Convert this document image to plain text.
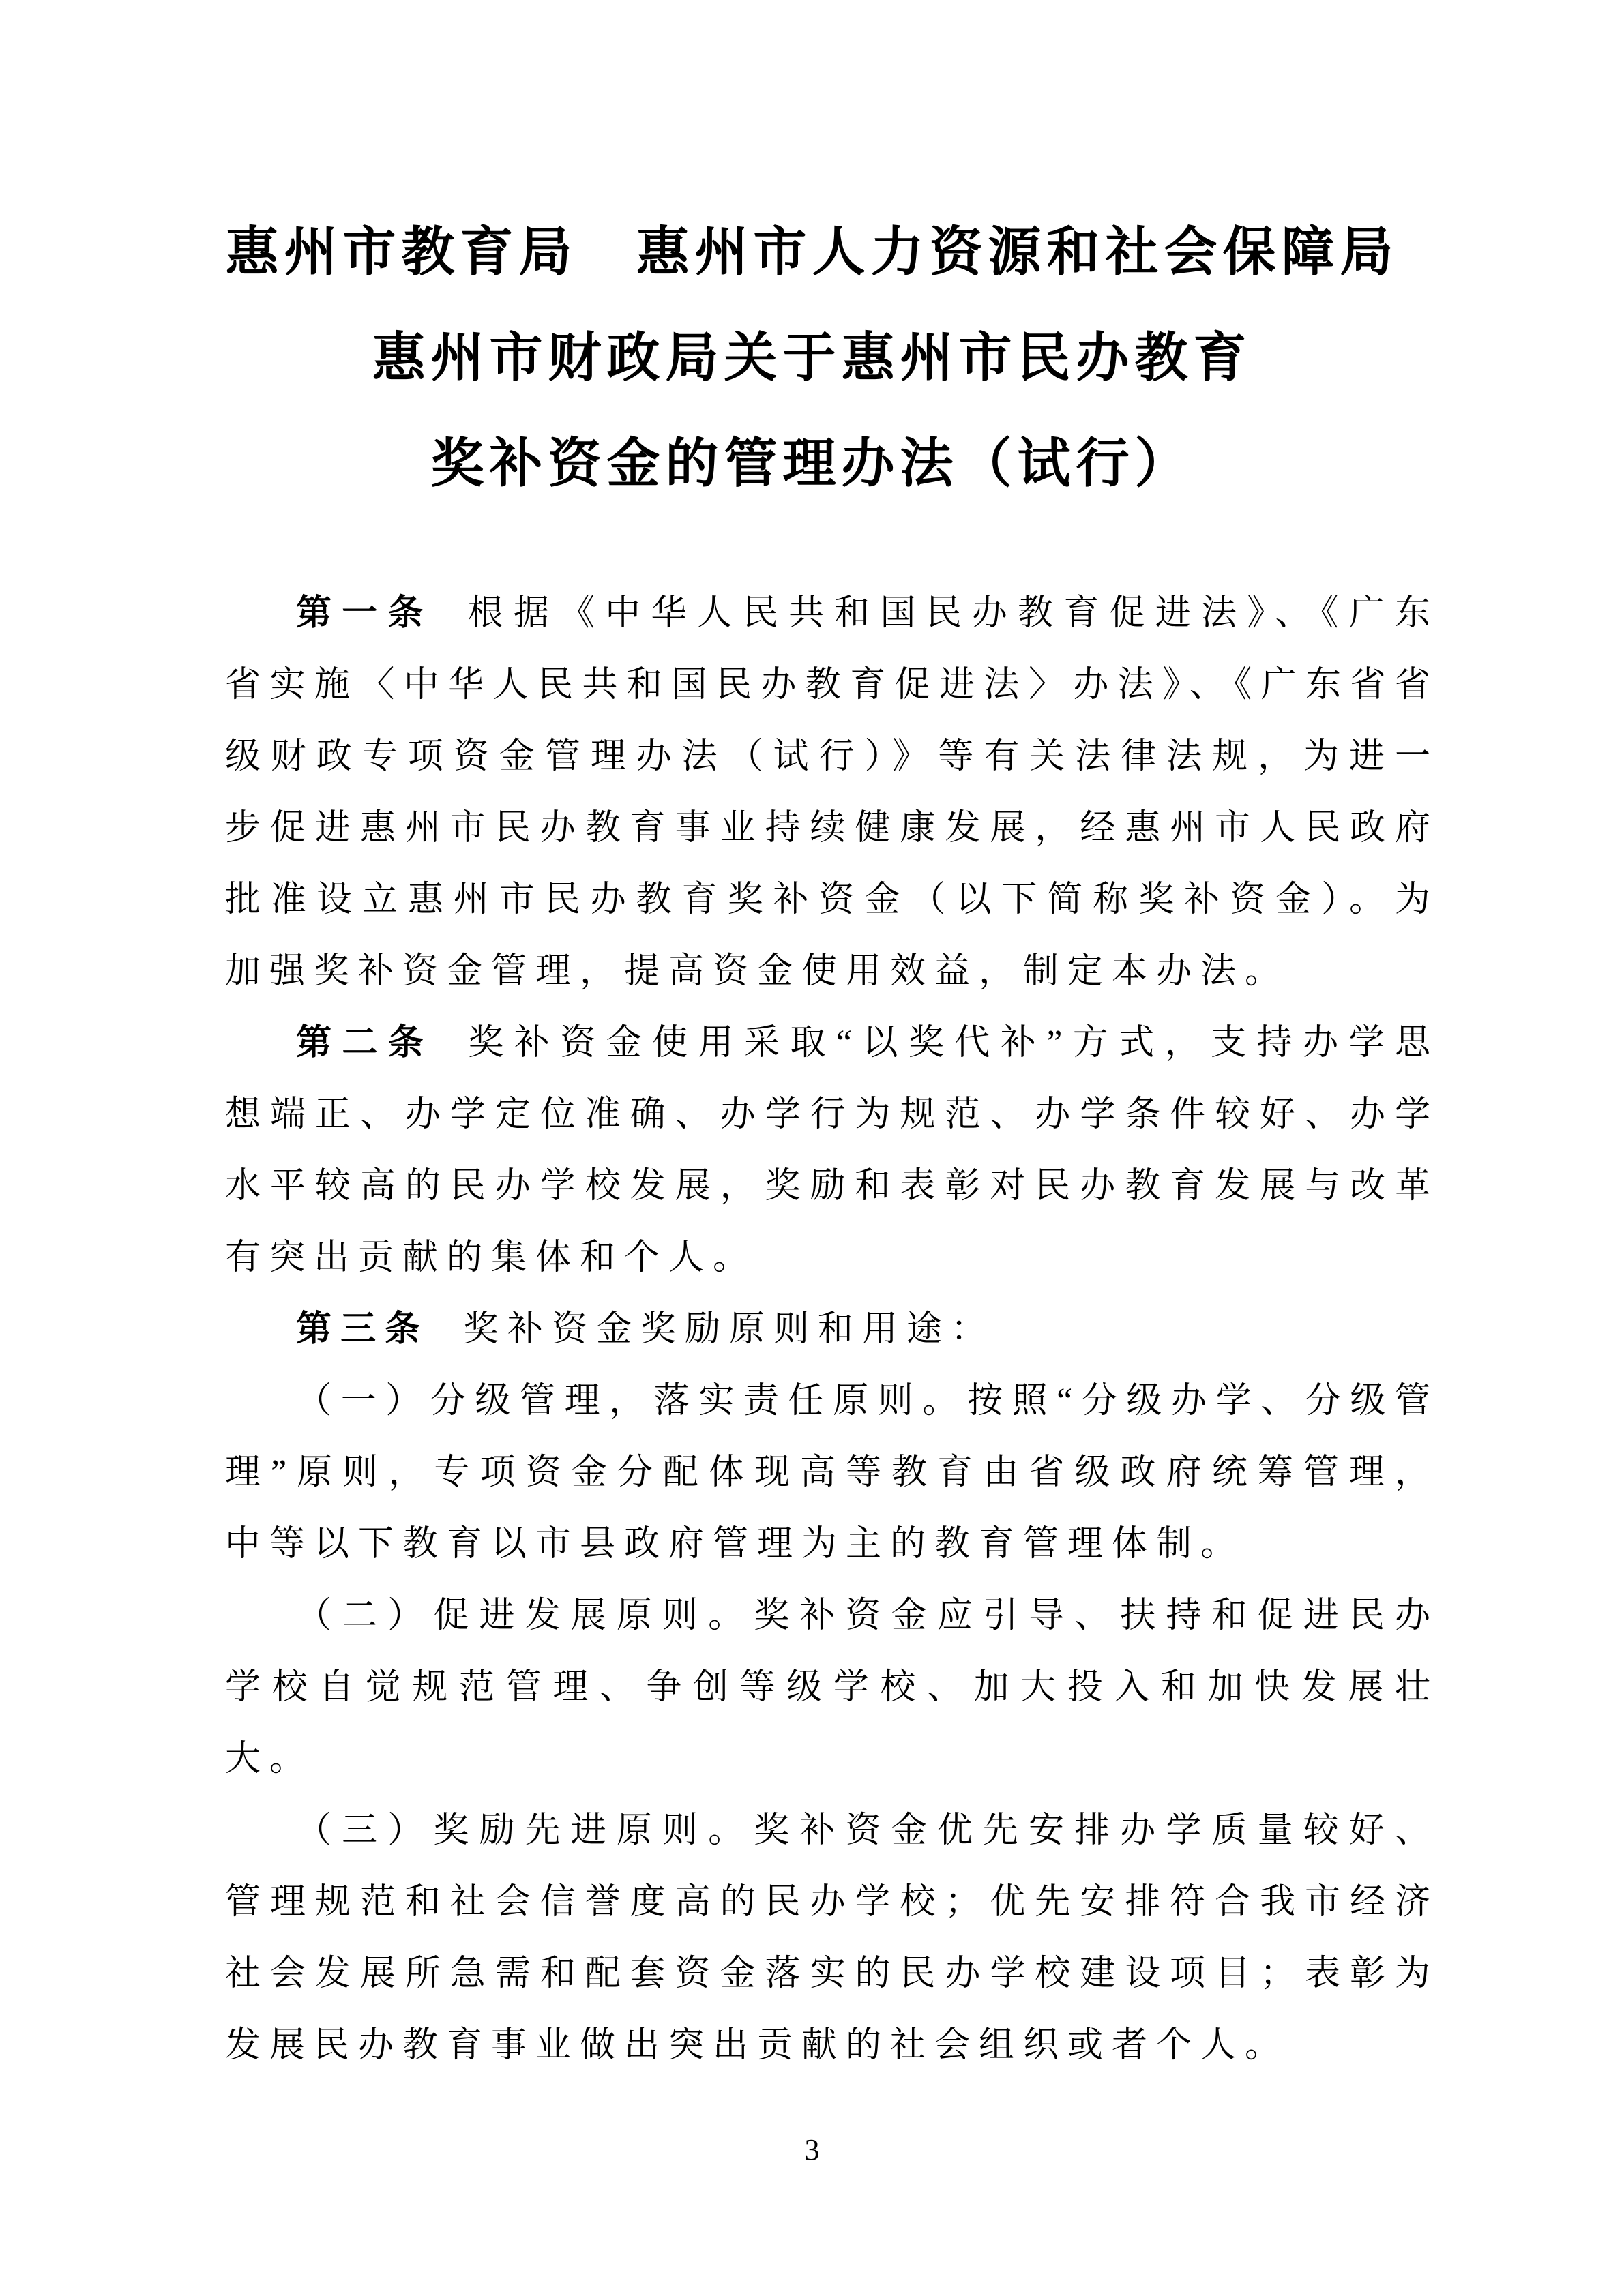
惠州市教育局　惠州市人力资源和社会保障局
惠州市财政局关于惠州市民办教育
奖补资金的管理办法（试行）

第一条 根据《中华人民共和国民办教育促进法》、《广东省实施〈中华人民共和国民办教育促进法〉办法》、《广东省省级财政专项资金管理办法（试行）》等有关法律法规，为进一步促进惠州市民办教育事业持续健康发展，经惠州市人民政府批准设立惠州市民办教育奖补资金（以下简称奖补资金）。为加强奖补资金管理，提高资金使用效益，制定本办法。

第二条 奖补资金使用采取“以奖代补”方式，支持办学思想端正、办学定位准确、办学行为规范、办学条件较好、办学水平较高的民办学校发展，奖励和表彰对民办教育发展与改革有突出贡献的集体和个人。

第三条 奖补资金奖励原则和用途：

（一）分级管理，落实责任原则。按照“分级办学、分级管理”原则，专项资金分配体现高等教育由省级政府统筹管理，中等以下教育以市县政府管理为主的教育管理体制。

（二）促进发展原则。奖补资金应引导、扶持和促进民办学校自觉规范管理、争创等级学校、加大投入和加快发展壮大。

（三）奖励先进原则。奖补资金优先安排办学质量较好、管理规范和社会信誉度高的民办学校；优先安排符合我市经济社会发展所急需和配套资金落实的民办学校建设项目；表彰为发展民办教育事业做出突出贡献的社会组织或者个人。

3
